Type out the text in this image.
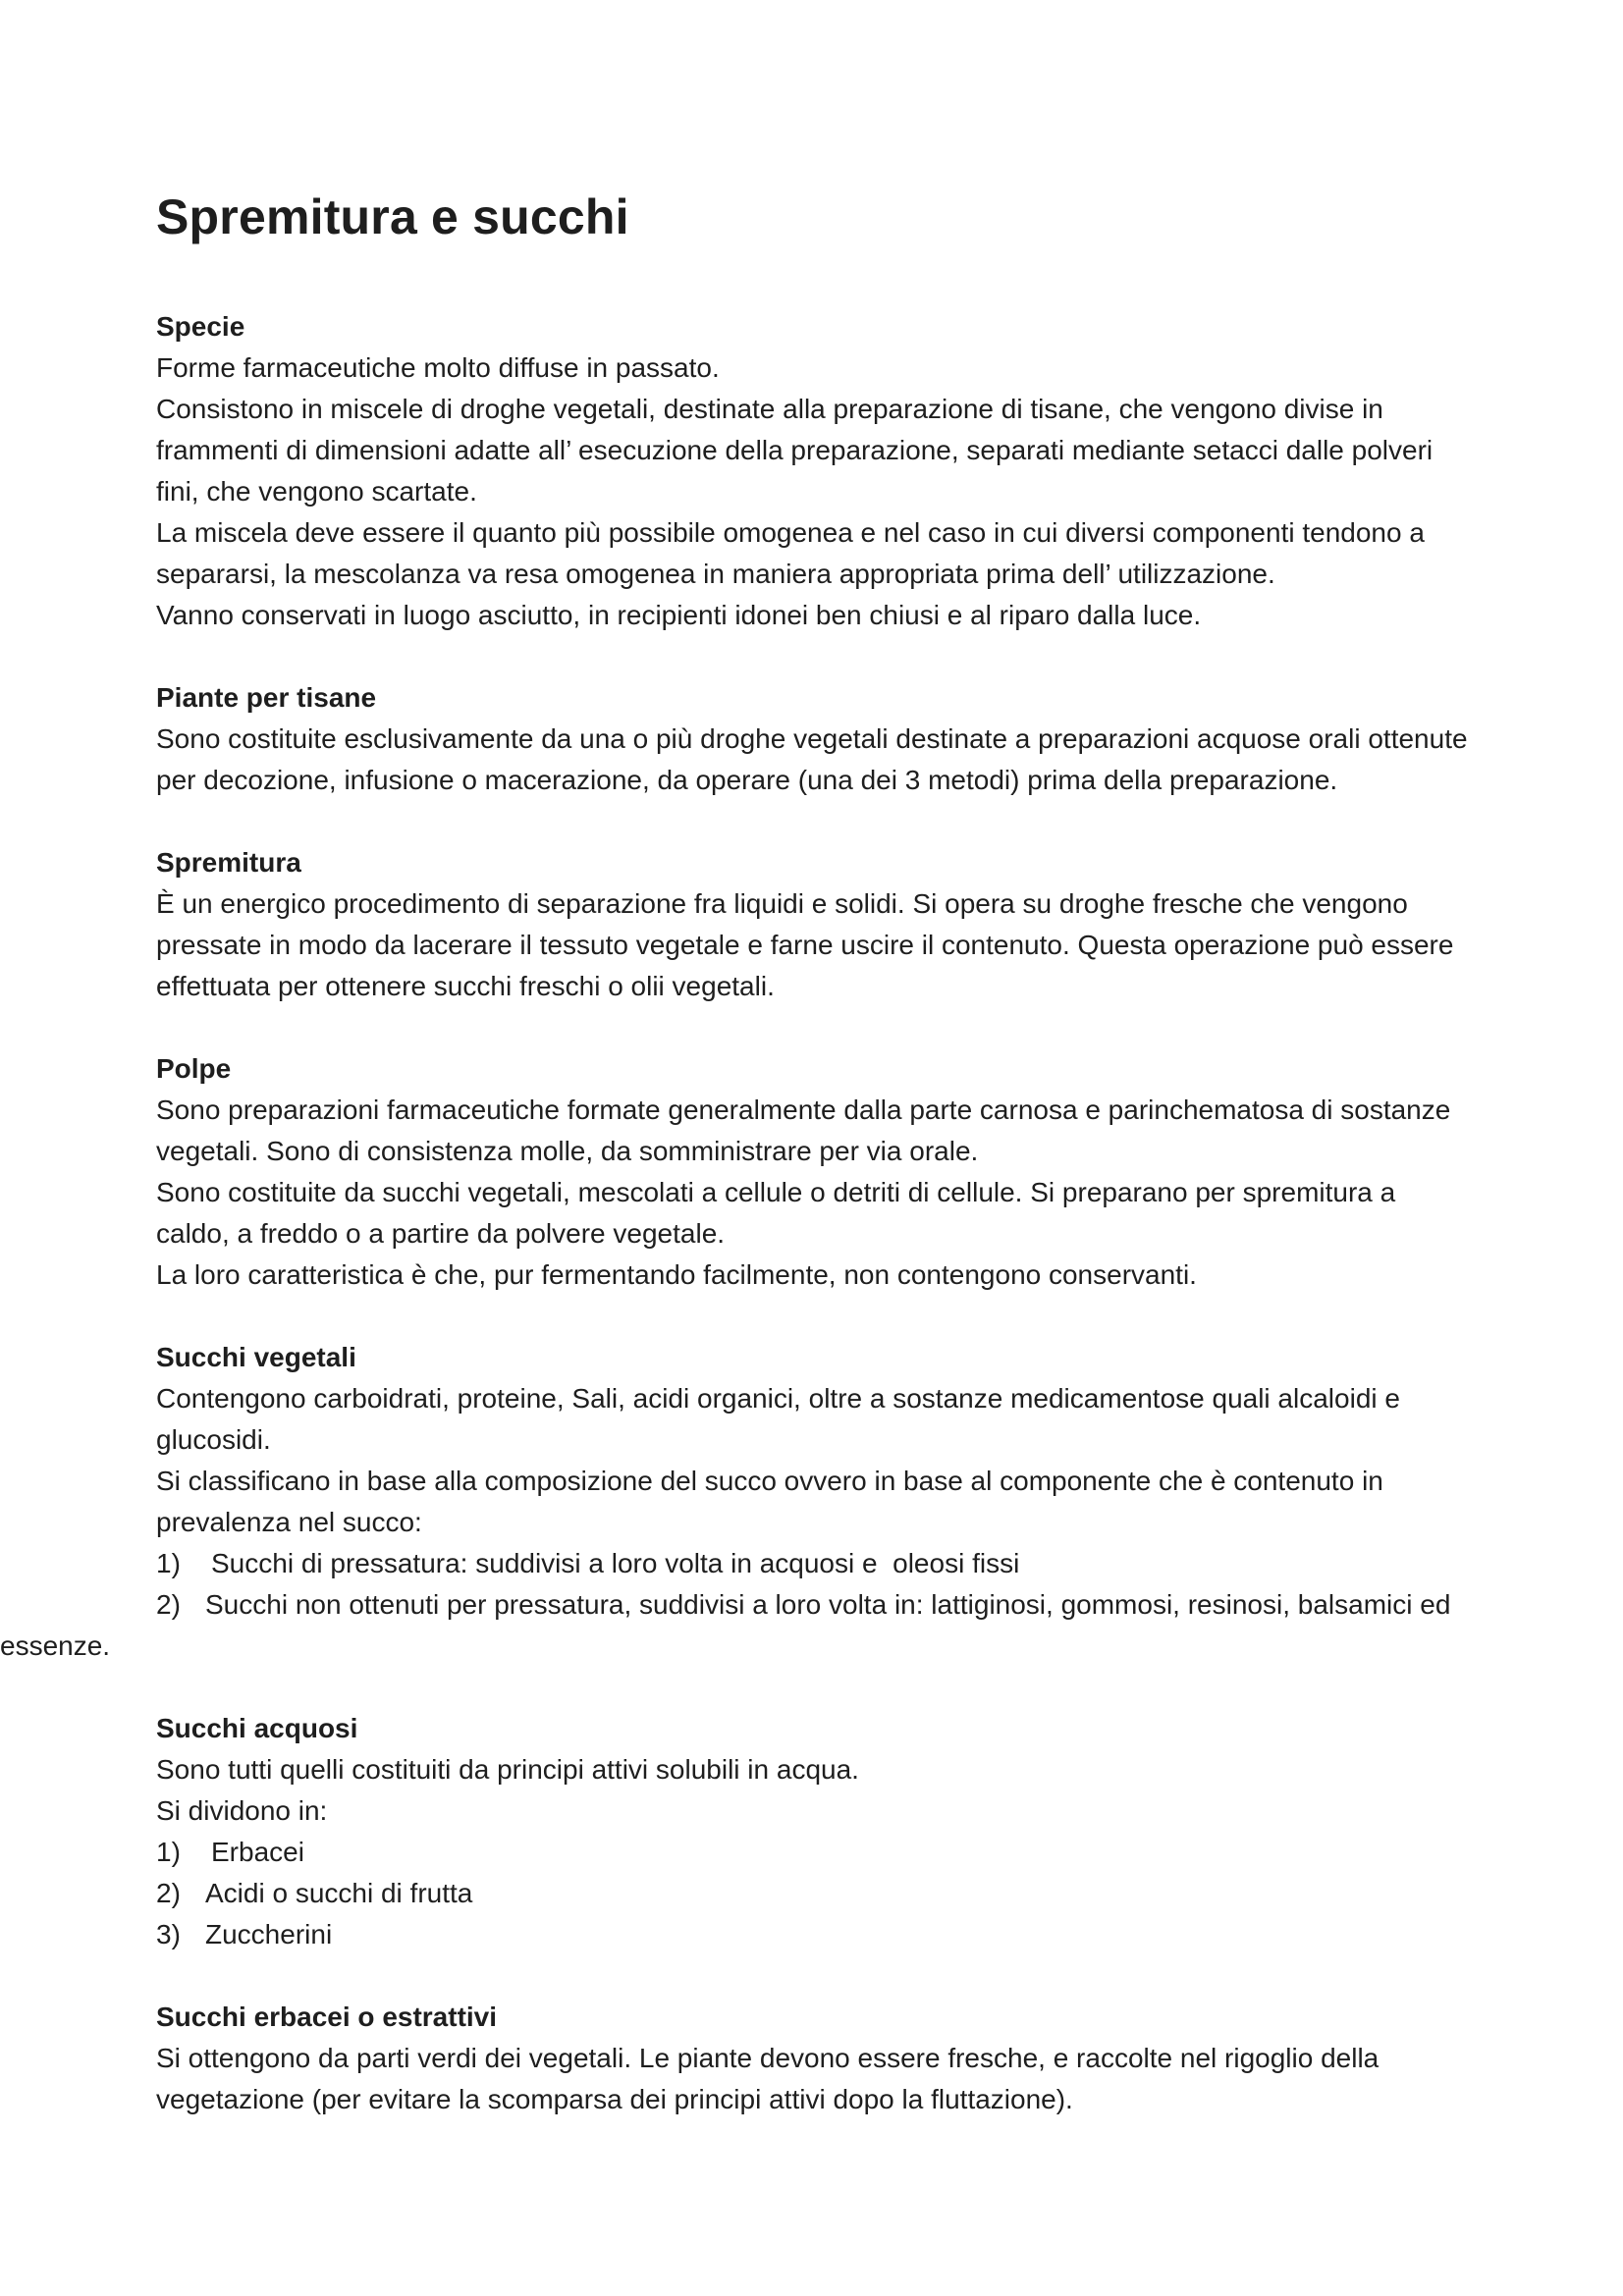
Spremitura e succhi
Specie

Forme farmaceutiche molto diffuse in passato.

Consistono in miscele di droghe vegetali, destinate alla preparazione di tisane, che vengono divise in frammenti di dimensioni adatte all’ esecuzione della preparazione, separati mediante setacci dalle polveri fini, che vengono scartate.

La miscela deve essere il quanto più possibile omogenea e nel caso in cui diversi componenti tendono a separarsi, la mescolanza va resa omogenea in maniera appropriata prima dell’ utilizzazione.

Vanno conservati in luogo asciutto, in recipienti idonei ben chiusi e al riparo dalla luce.

Piante per tisane

Sono costituite esclusivamente da una o più droghe vegetali destinate a preparazioni acquose orali ottenute per decozione, infusione o macerazione, da operare (una dei 3 metodi) prima della preparazione.

Spremitura

È un energico procedimento di separazione fra liquidi e solidi. Si opera su droghe fresche che vengono pressate in modo da lacerare il tessuto vegetale e farne uscire il contenuto. Questa operazione può essere effettuata per ottenere succhi freschi o olii vegetali.

Polpe

Sono preparazioni farmaceutiche formate generalmente dalla parte carnosa e parinchematosa di sostanze vegetali. Sono di consistenza molle, da somministrare per via orale.

Sono costituite da succhi vegetali, mescolati a cellule o detriti di cellule. Si preparano per spremitura a caldo, a freddo o a partire da polvere vegetale.

La loro caratteristica è che, pur fermentando facilmente, non contengono conservanti.

Succhi vegetali

Contengono carboidrati, proteine, Sali, acidi organici, oltre a sostanze medicamentose quali alcaloidi e glucosidi.

Si classificano in base alla composizione del succo ovvero in base al componente che è contenuto in prevalenza nel succo:

1)	Succhi di pressatura: suddivisi a loro volta in acquosi e  oleosi fissi
2) Succhi non ottenuti per pressatura, suddivisi a loro volta in: lattiginosi, gommosi, resinosi, balsamici ed essenze.
Succhi acquosi

Sono tutti quelli costituiti da principi attivi solubili in acqua.

Si dividono in:

1)	Erbacei
2) Acidi o succhi di frutta
3) Zuccherini
Succhi erbacei o estrattivi

Si ottengono da parti verdi dei vegetali. Le piante devono essere fresche, e raccolte nel rigoglio della vegetazione (per evitare la scomparsa dei principi attivi dopo la fluttazione).
